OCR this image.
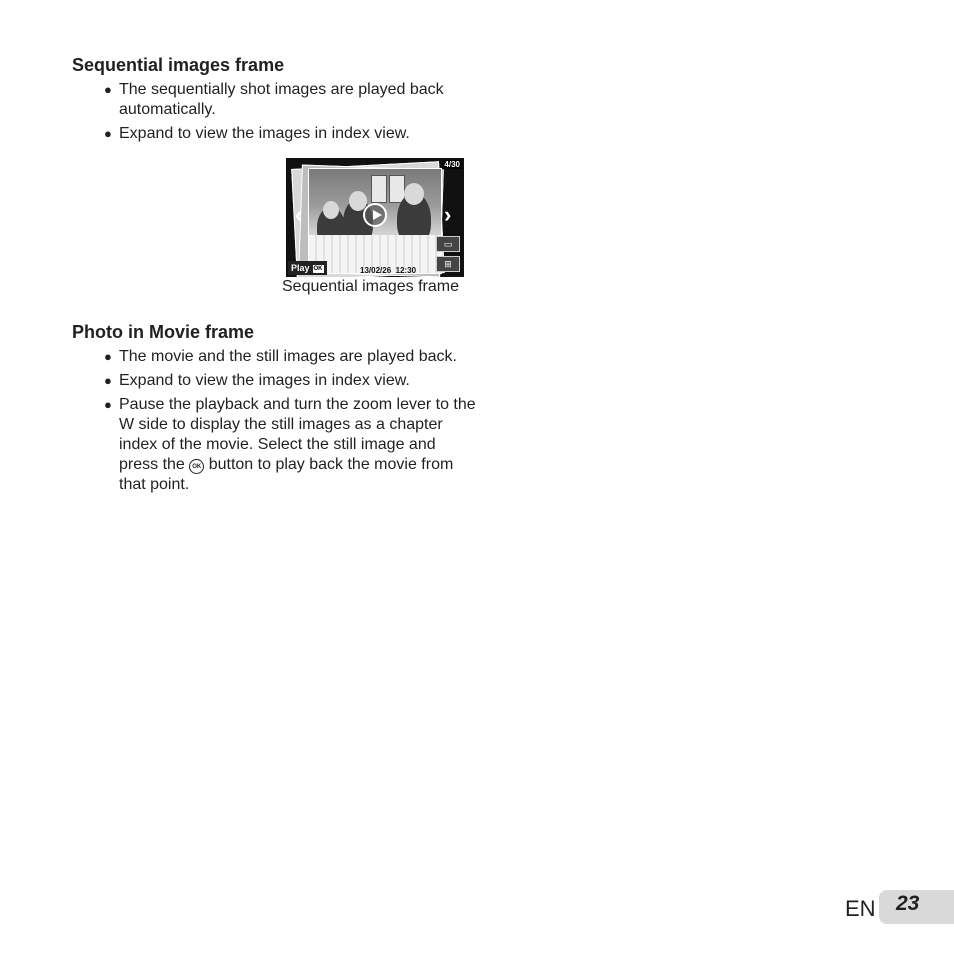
Sequential images frame
● The sequentially shot images are played back automatically.
● Expand to view the images in index view.
‹	›
4/30
▭
⊞
Play OK	13/02/26 12:30
Sequential images frame
Photo in Movie frame
● The movie and the still images are played back.
● Expand to view the images in index view.
● Pause the playback and turn the zoom lever to the W side to display the still images as a chapter index of the movie. Select the still image and press the OK button to play back the movie from that point.
EN 23
